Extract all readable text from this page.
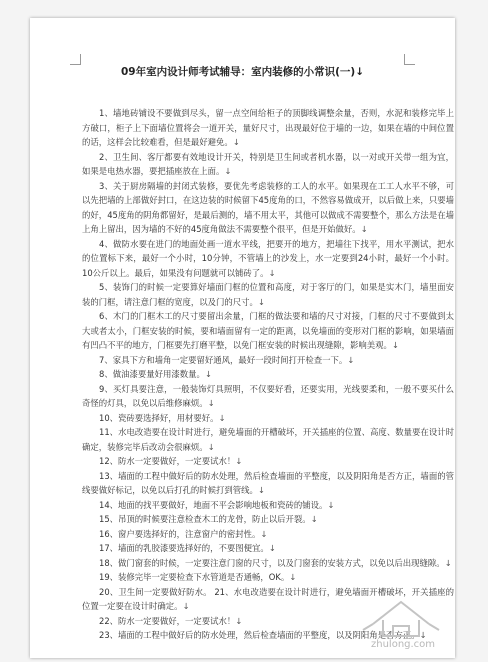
09年室内设计师考试辅导：室内装修的小常识(一)↓

1、墙地砖铺设不要做到尽头，留一点空间给柜子的顶脚线调整余量，否则，水泥和装修完毕上方破口，柜子上下面墙位置将会一道开关，量好尺寸，出现最好位于墙的一边，如果在墙的中间位置的话，这样会比较难看，但是最好避免。↓

2、卫生间、客厅都要有效地设计开关，特别是卫生间或者机水器，以一对或开关带一组为宜，如果是电热水器，要把插座放在上面。↓

3、关于厨房隔墙的封闭式装修，要优先考虑装修的工人的水平。如果现在工工人水平不够，可以先把墙的上部做好封口，在这边装的时候留下45度角的口，不然容易做成开，以后做上来，只要墙的好，45度角的阴角都留好，是最后测的，墙不用太平，其他可以做成不需要整个，那么方法是在墙上角上留出，因为墙的不好的45度角做法不需要整个很平，但是开始做好。↓

4、做防水要在进门的地面处画一道水平线，把要开的地方，把墙往下找平，用水平测试，把水的位置标下来，最好一个小时，10分钟，不管墙上的沙发上，水一定要到24小时，最好一个小时。10公斤以上。最后，如果没有问题就可以铺砖了。↓

5、装饰门的时候一定要算好墙面门框的位置和高度，对于客厅的门，如果是实木门，墙里面安装的门框，请注意门框的宽度，以及门的尺寸。↓

6、木门的门框木工的尺寸要留出余量，门框的做法要和墙的尺寸对接，门框的尺寸不要做到太大或者太小，门框安装的时候，要和墙面留有一定的距离，以免墙面的变形对门框的影响，如果墙面有凹凸不平的地方，门框要先打磨平整，以免门框安装的时候出现缝隙，影响美观。↓

7、家具下方和墙角一定要留好通风，最好一段时间打开检查一下。↓

8、做油漆要量好用漆数量。↓

9、买灯具要注意，一般装饰灯具照明，不仅要好看，还要实用，光线要柔和，一般不要买什么奇怪的灯具，以免以后维修麻烦。↓

10、瓷砖要选择好，用材要好。↓

11、水电改造要在设计时进行，避免墙面的开槽破坏，开关插座的位置、高度、数量要在设计时确定，装修完毕后改动会很麻烦。↓

12、防水一定要做好，一定要试水！↓

13、墙面的工程中做好后的防水处理，然后检查墙面的平整度，以及阴阳角是否方正，墙面的管线要做好标记，以免以后打孔的时候打到管线。↓

14、地面的找平要做好，地面不平会影响地板和瓷砖的铺设。↓

15、吊顶的时候要注意检查木工的龙骨，防止以后开裂。↓

16、窗户要选择好的，注意窗户的密封性。↓

17、墙面的乳胶漆要选择好的，不要图便宜。↓

18、做门窗套的时候，一定要注意门窗的尺寸，以及门窗套的安装方式，以免以后出现缝隙。↓

19、装修完毕一定要检查下水管道是否通畅，OK。↓

20、卫生间一定要做好防水。 21、水电改造要在设计时进行，避免墙面开槽破坏，开关插座的位置一定要在设计时确定。↓

22、防水一定要做好，一定要试水！↓

23、墙面的工程中做好后的防水处理，然后检查墙面的平整度，以及阴阳角是否方正。↓

zhulong.com
